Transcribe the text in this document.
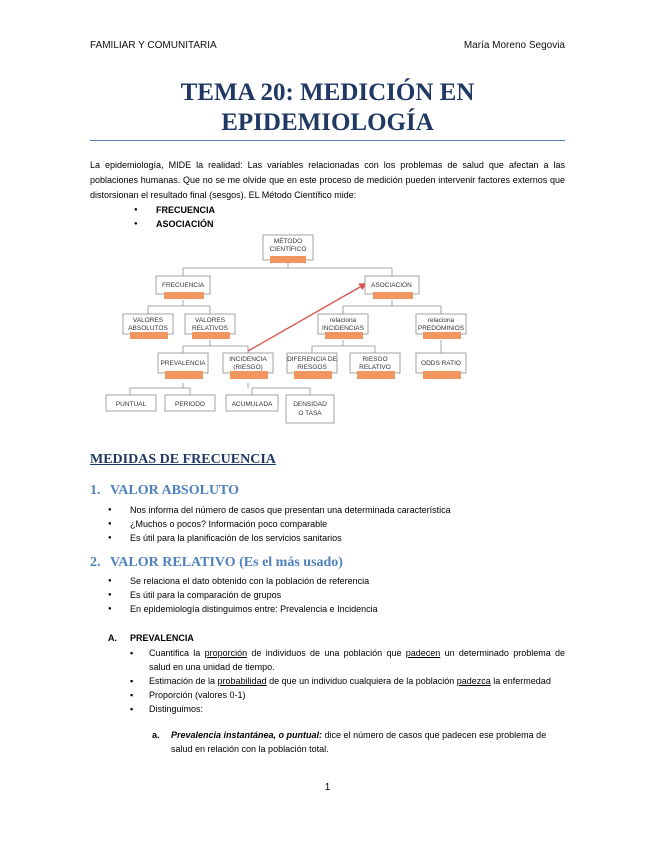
FAMILIAR Y COMUNITARIA	María Moreno Segovia
TEMA 20: MEDICIÓN EN
EPIDEMIOLOGÍA
La epidemiología, MIDE la realidad: Las variables relacionadas con los problemas de salud que afectan a las poblaciones humanas. Que no se me olvide que en este proceso de medición pueden intervenir factores externos que distorsionan el resultado final (sesgos). EL Método Científico mide:
● FRECUENCIA
● ASOCIACIÓN
MÉTODO
CIENTÍFICO
FRECUENCIA	ASOCIACIÓN
VALORES
ABSOLUTOS
VALORES
RELATIVOS
relaciona
INCIDENCIAS
relaciona
PREDOMINIOS
PREVALENCIA
INCIDENCIA
(RIESGO)
DIFERENCIA DE
RIESGOS
RIESGO
RELATIVO
ODDS RATIO
PUNTUAL	PERIODO	ACUMULADA	DENSIDAD
O TASA
MEDIDAS DE FRECUENCIA
1. VALOR ABSOLUTO
● Nos informa del número de casos que presentan una determinada característica
● ¿Muchos o pocos? Información poco comparable
● Es útil para la planificación de los servicios sanitarios
2. VALOR RELATIVO (Es el más usado)
● Se relaciona el dato obtenido con la población de referencia
● Es útil para la comparación de grupos
● En epidemiología distinguimos entre: Prevalencia e Incidencia
A. PREVALENCIA
▪ Cuantifica la proporción de individuos de una población que padecen un determinado problema de salud en una unidad de tiempo.
▪ Estimación de la probabilidad de que un individuo cualquiera de la población padezca la enfermedad
▪ Proporción (valores 0-1)
▪ Distinguimos:
a.	Prevalencia instantánea, o puntual: dice el número de casos que padecen ese problema de salud en relación con la población total.
1
